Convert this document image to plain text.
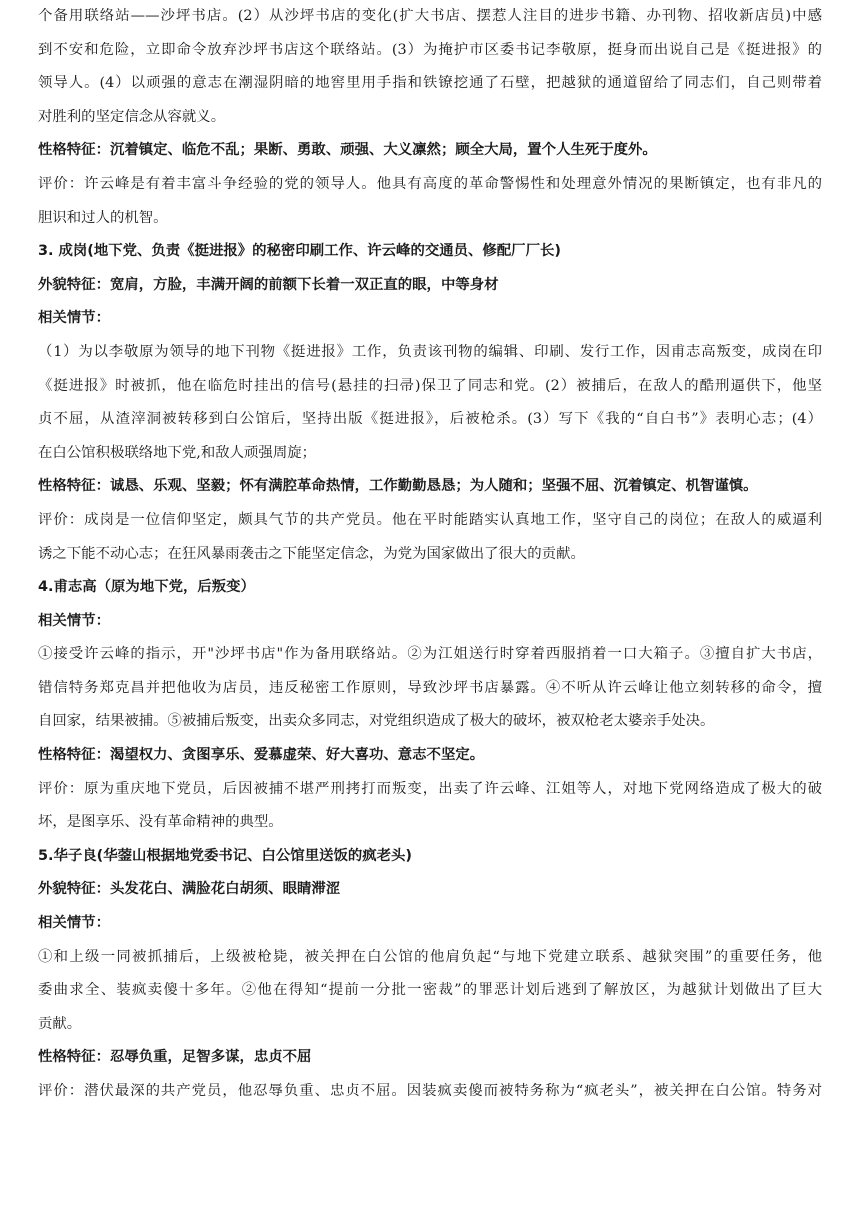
个备用联络站——沙坪书店。(2）从沙坪书店的变化(扩大书店、摆惹人注目的进步书籍、办刊物、招收新店员)中感
到不安和危险，立即命令放弃沙坪书店这个联络站。(3）为掩护市区委书记李敬原，挺身而出说自己是《挺进报》的
领导人。(4）以顽强的意志在潮湿阴暗的地窖里用手指和铁镣挖通了石壁，把越狱的通道留给了同志们，自己则带着
对胜利的坚定信念从容就义。
性格特征：沉着镇定、临危不乱；果断、勇敢、顽强、大义凛然；顾全大局，置个人生死于度外。
评价：许云峰是有着丰富斗争经验的党的领导人。他具有高度的革命警惕性和处理意外情况的果断镇定，也有非凡的
胆识和过人的机智。
3. 成岗(地下党、负责《挺进报》的秘密印刷工作、许云峰的交通员、修配厂厂长)
外貌特征：宽肩，方脸，丰满开阔的前额下长着一双正直的眼，中等身材
相关情节：
（1）为以李敬原为领导的地下刊物《挺进报》工作，负责该刊物的编辑、印刷、发行工作，因甫志高叛变，成岗在印
《挺进报》时被抓，他在临危时挂出的信号(悬挂的扫帚)保卫了同志和党。(2）被捕后，在敌人的酷刑逼供下，他坚
贞不屈，从渣滓洞被转移到白公馆后，坚持出版《挺进报》，后被枪杀。(3）写下《我的“自白书”》表明心志；(4）
在白公馆积极联络地下党,和敌人顽强周旋；
性格特征：诚恳、乐观、坚毅；怀有满腔革命热情，工作勤勤恳恳；为人随和；坚强不屈、沉着镇定、机智谨慎。
评价：成岗是一位信仰坚定，颇具气节的共产党员。他在平时能踏实认真地工作，坚守自己的岗位；在敌人的威逼利
诱之下能不动心志；在狂风暴雨袭击之下能坚定信念，为党为国家做出了很大的贡献。
4.甫志高（原为地下党，后叛变）
相关情节：
①接受许云峰的指示，开"沙坪书店"作为备用联络站。②为江姐送行时穿着西服捎着一口大箱子。③擅自扩大书店，
错信特务郑克昌并把他收为店员，违反秘密工作原则，导致沙坪书店暴露。④不听从许云峰让他立刻转移的命令，擅
自回家，结果被捕。⑤被捕后叛变，出卖众多同志，对党组织造成了极大的破坏，被双枪老太婆亲手处决。
性格特征：渴望权力、贪图享乐、爱慕虚荣、好大喜功、意志不坚定。
评价：原为重庆地下党员，后因被捕不堪严刑拷打而叛变，出卖了许云峰、江姐等人，对地下党网络造成了极大的破
坏，是图享乐、没有革命精神的典型。
5.华子良(华蓥山根据地党委书记、白公馆里送饭的疯老头)
外貌特征：头发花白、满脸花白胡须、眼睛滞涩
相关情节：
①和上级一同被抓捕后，上级被枪毙，被关押在白公馆的他肩负起“与地下党建立联系、越狱突围”的重要任务，他
委曲求全、装疯卖傻十多年。②他在得知“提前一分批一密裁”的罪恶计划后逃到了解放区，为越狱计划做出了巨大
贡献。
性格特征：忍辱负重，足智多谋，忠贞不屈
评价：潜伏最深的共产党员，他忍辱负重、忠贞不屈。因装疯卖傻而被特务称为“疯老头”，被关押在白公馆。特务对
